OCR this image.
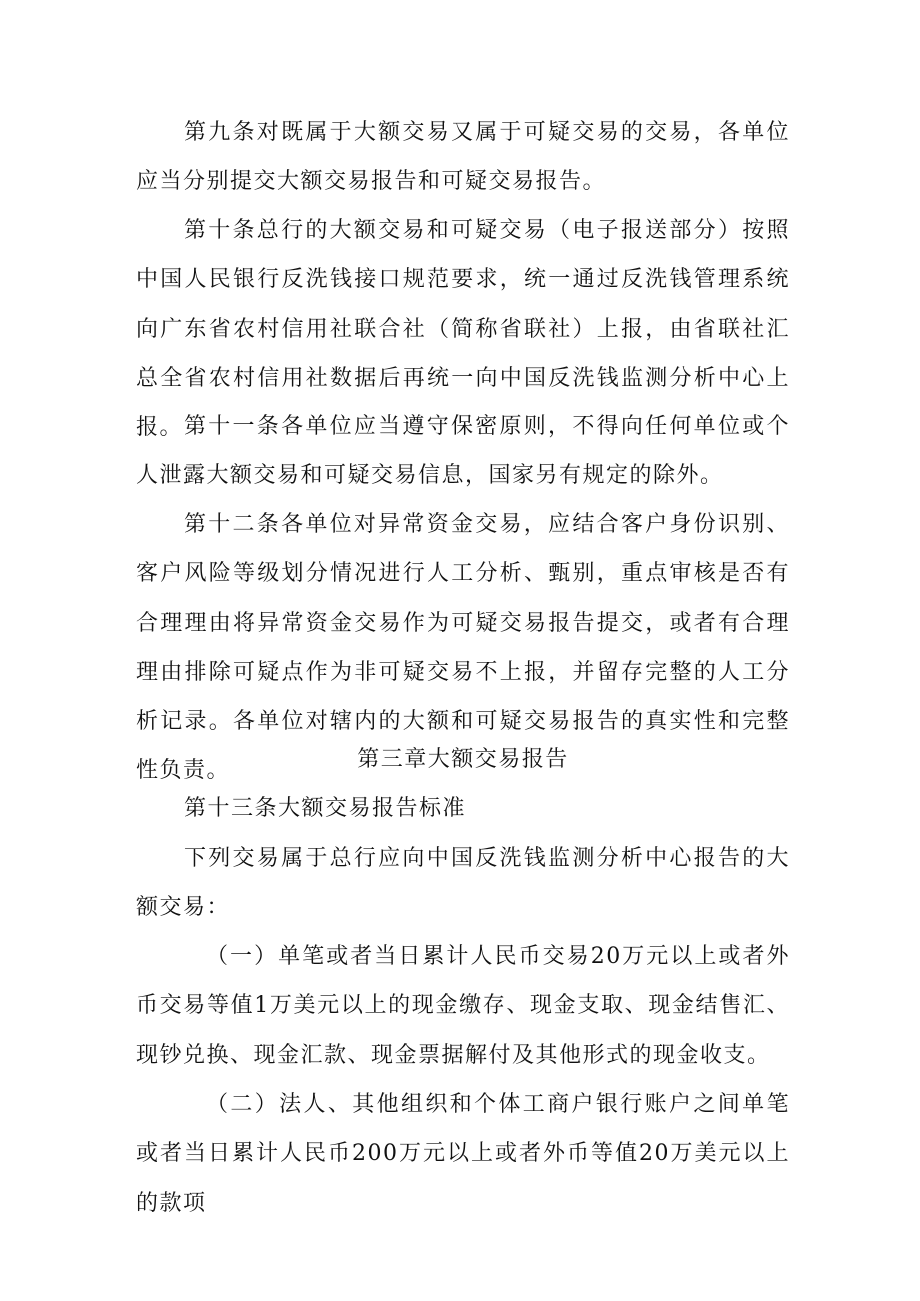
第九条对既属于大额交易又属于可疑交易的交易，各单位应当分别提交大额交易报告和可疑交易报告。

第十条总行的大额交易和可疑交易（电子报送部分）按照中国人民银行反洗钱接口规范要求，统一通过反洗钱管理系统向广东省农村信用社联合社（简称省联社）上报，由省联社汇总全省农村信用社数据后再统一向中国反洗钱监测分析中心上报。 第十一条各单位应当遵守保密原则，不得向任何单位或个人泄露大额交易和可疑交易信息，国家另有规定的除外。

第十二条各单位对异常资金交易，应结合客户身份识别、客户风险等级划分情况进行人工分析、甄别，重点审核是否有合理理由将异常资金交易作为可疑交易报告提交，或者有合理理由排除可疑点作为非可疑交易不上报，并留存完整的人工分析记录。各单位对辖内的大额和可疑交易报告的真实性和完整性负责。	第三章大额交易报告

第十三条大额交易报告标准

下列交易属于总行应向中国反洗钱监测分析中心报告的大额交易：

（一）单笔或者当日累计人民币交易20万元以上或者外币交易等值1万美元以上的现金缴存、现金支取、现金结售汇、现钞兑换、现金汇款、现金票据解付及其他形式的现金收支。

（二）法人、其他组织和个体工商户银行账户之间单笔或者当日累计人民币200万元以上或者外币等值20万美元以上的款项
